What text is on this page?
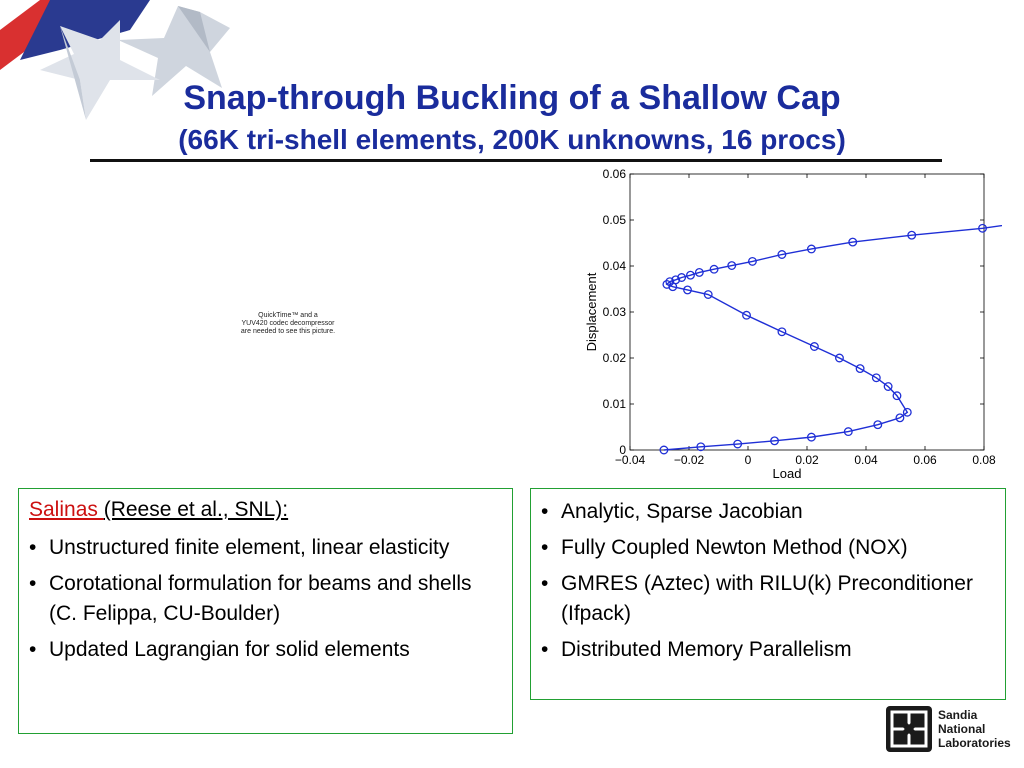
Snap-through Buckling of a Shallow Cap
(66K tri-shell elements, 200K unknowns, 16 procs)
QuickTime™ and a
YUV420 codec decompressor
are needed to see this picture.
−0.04 −0.02	0	0.02	0.04	0.06	0.08
0
0.01
0.02
0.03
0.04
0.05
0.06
Load
Displacement
Salinas (Reese et al., SNL):
• Unstructured finite element, linear elasticity
• Corotational formulation for beams and shells (C. Felippa, CU-Boulder)
• Updated Lagrangian for solid elements
• Analytic, Sparse Jacobian
• Fully Coupled Newton Method (NOX)
• GMRES (Aztec) with RILU(k) Preconditioner (Ifpack)
• Distributed Memory Parallelism
Sandia
National
Laboratories
